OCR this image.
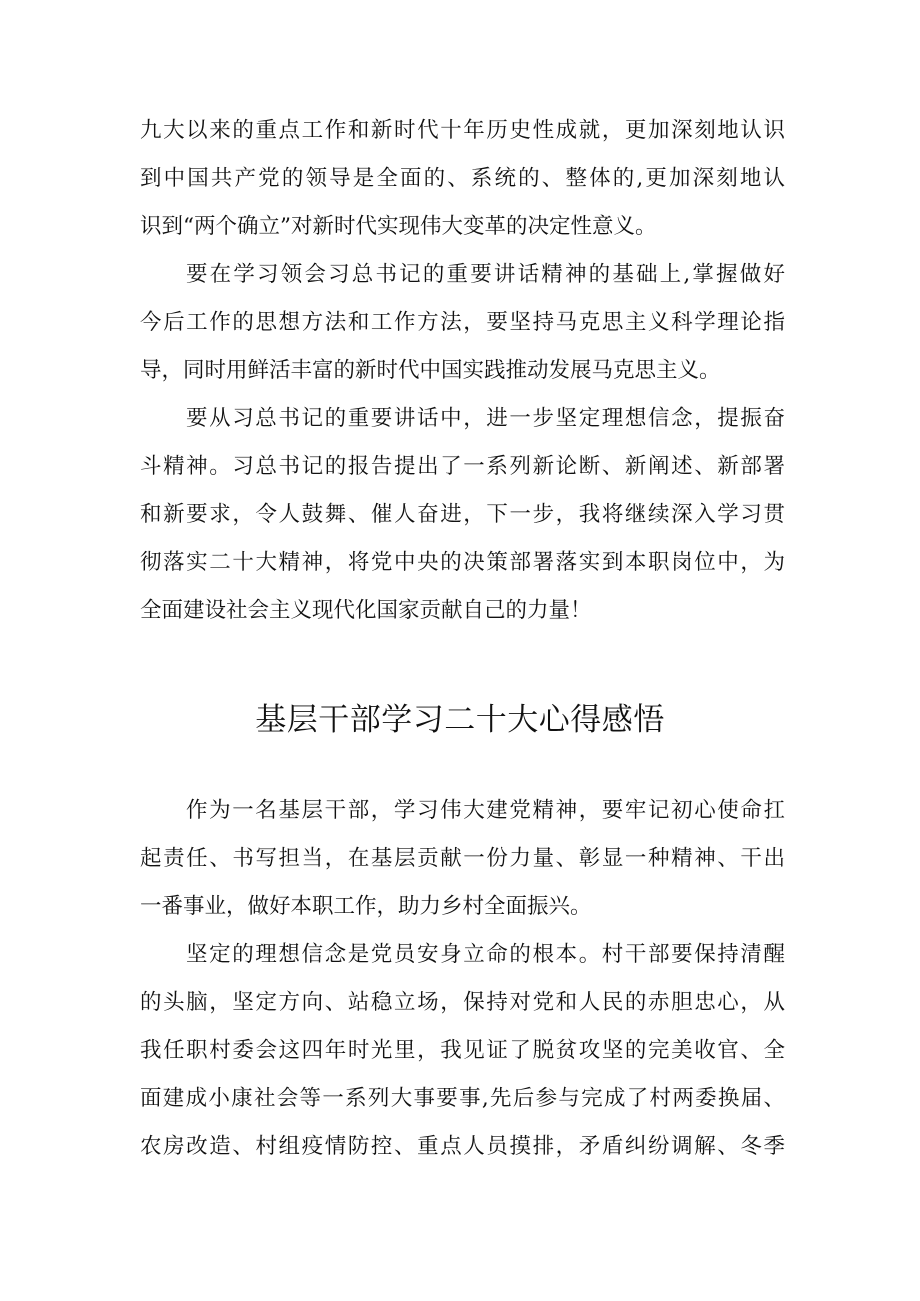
九大以来的重点工作和新时代十年历史性成就，更加深刻地认识
到中国共产党的领导是全面的、系统的、整体的,更加深刻地认
识到“两个确立”对新时代实现伟大变革的决定性意义。
要在学习领会习总书记的重要讲话精神的基础上,掌握做好
今后工作的思想方法和工作方法，要坚持马克思主义科学理论指
导，同时用鲜活丰富的新时代中国实践推动发展马克思主义。
要从习总书记的重要讲话中，进一步坚定理想信念，提振奋
斗精神。习总书记的报告提出了一系列新论断、新阐述、新部署
和新要求，令人鼓舞、催人奋进，下一步，我将继续深入学习贯
彻落实二十大精神，将党中央的决策部署落实到本职岗位中，为
全面建设社会主义现代化国家贡献自己的力量！
基层干部学习二十大心得感悟
作为一名基层干部，学习伟大建党精神，要牢记初心使命扛
起责任、书写担当，在基层贡献一份力量、彰显一种精神、干出
一番事业，做好本职工作，助力乡村全面振兴。
坚定的理想信念是党员安身立命的根本。村干部要保持清醒
的头脑，坚定方向、站稳立场，保持对党和人民的赤胆忠心，从
我任职村委会这四年时光里，我见证了脱贫攻坚的完美收官、全
面建成小康社会等一系列大事要事,先后参与完成了村两委换届、
农房改造、村组疫情防控、重点人员摸排，矛盾纠纷调解、冬季
